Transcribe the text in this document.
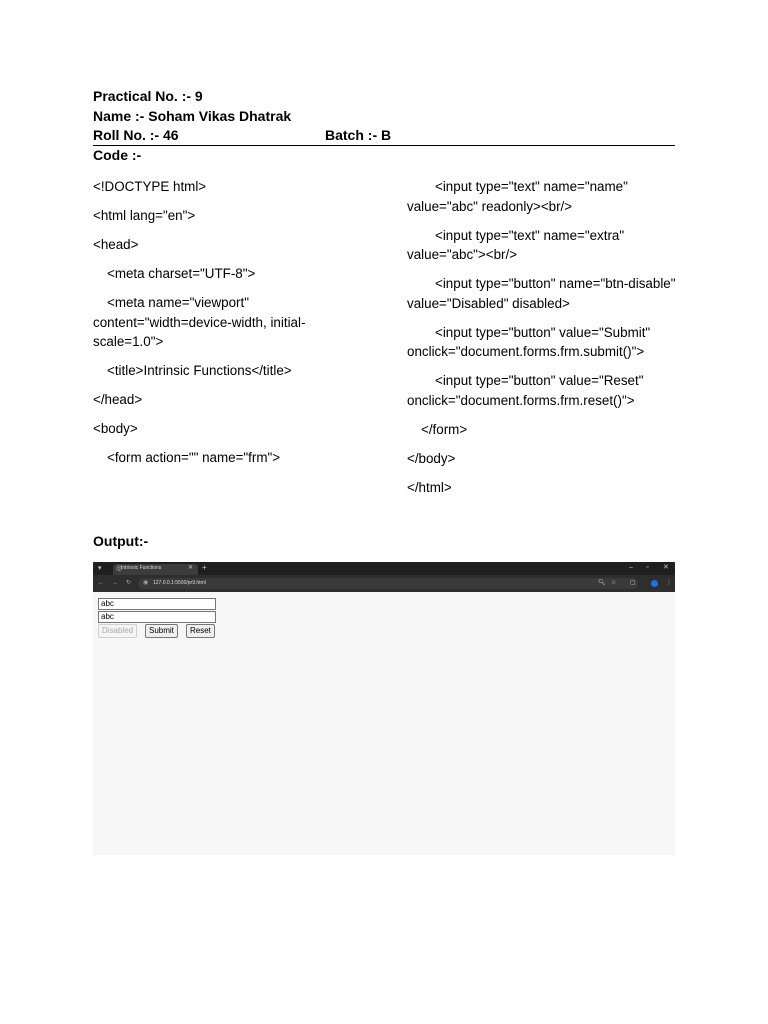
Practical No. :- 9
Name :- Soham Vikas Dhatrak
Roll No. :- 46	Batch :- B
Code :-

<!DOCTYPE html>

<html lang="en">

<head>

<meta charset="UTF-8">

<meta name="viewport" content="width=device-width, initial-scale=1.0">

<title>Intrinsic Functions</title>

</head>

<body>

<form action="" name="frm">

<input type="text" name="name" value="abc" readonly><br/>

<input type="text" name="extra" value="abc"><br/>

<input type="button" name="btn-disable" value="Disabled" disabled>

<input type="button" value="Submit" onclick="document.forms.frm.submit()">

<input type="button" value="Reset" onclick="document.forms.frm.reset()">

</form>

</body>

</html>

Output:-
▾ ◎
Intrinsic Functions	✕ +	– ▫ ✕
← → ↻ ◉ 127.0.0.1:5500/pr9.html	🔍︎ ☆ ▢	⋮
abc
abc
Disabled	Submit	Reset
